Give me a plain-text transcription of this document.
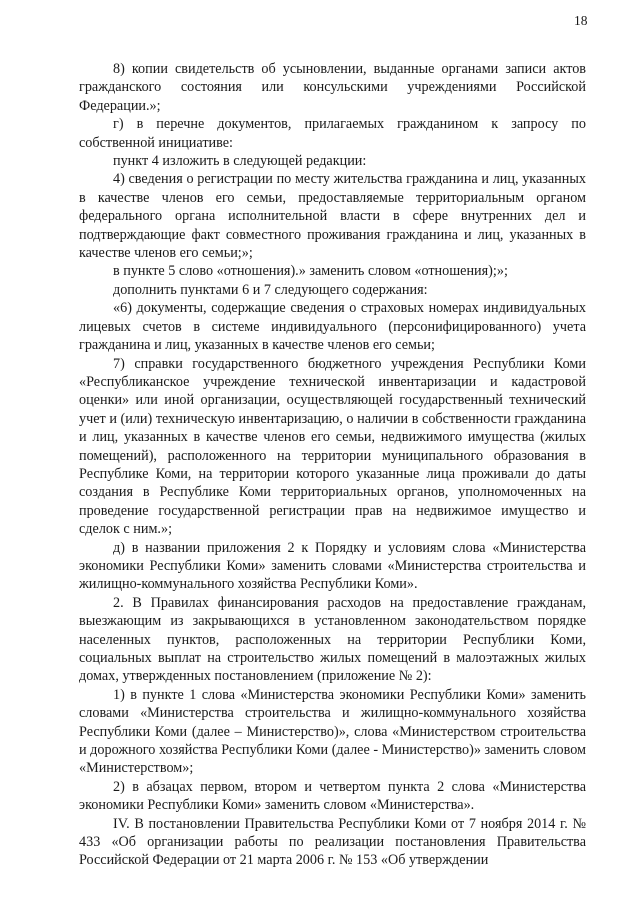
18

8) копии свидетельств об усыновлении, выданные органами записи актов гражданского состояния или консульскими учреждениями Российской Федерации.»;

г) в перечне документов, прилагаемых гражданином к запросу по собственной инициативе:

пункт 4 изложить в следующей редакции:

4) сведения о регистрации по месту жительства гражданина и лиц, указанных в качестве членов его семьи, предоставляемые территориальным органом федерального органа исполнительной власти в сфере внутренних дел и подтверждающие факт совместного проживания гражданина и лиц, указанных в качестве членов его семьи;»;

в пункте 5 слово «отношения).» заменить словом «отношения);»;

дополнить пунктами 6 и 7 следующего содержания:

«6) документы, содержащие сведения о страховых номерах индивидуальных лицевых счетов в системе индивидуального (персонифицированного) учета гражданина и лиц, указанных в качестве членов его семьи;

7) справки государственного бюджетного учреждения Республики Коми «Республиканское учреждение технической инвентаризации и кадастровой оценки» или иной организации, осуществляющей государственный технический учет и (или) техническую инвентаризацию, о наличии в собственности гражданина и лиц, указанных в качестве членов его семьи, недвижимого имущества (жилых помещений), расположенного на территории муниципального образования в Республике Коми, на территории которого указанные лица проживали до даты создания в Республике Коми территориальных органов, уполномоченных на проведение государственной регистрации прав на недвижимое имущество и сделок с ним.»;

д) в названии приложения 2 к Порядку и условиям слова «Министерства экономики Республики Коми» заменить словами «Министерства строительства и жилищно-коммунального хозяйства Республики Коми».

2. В Правилах финансирования расходов на предоставление гражданам, выезжающим из закрывающихся в установленном законодательством порядке населенных пунктов, расположенных на территории Республики Коми, социальных выплат на строительство жилых помещений в малоэтажных жилых домах, утвержденных постановлением (приложение № 2):

1) в пункте 1 слова «Министерства экономики Республики Коми» заменить словами «Министерства строительства и жилищно-коммунального хозяйства Республики Коми (далее – Министерство)», слова «Министерством строительства и дорожного хозяйства Республики Коми (далее - Министерство)» заменить словом «Министерством»;

2) в абзацах первом, втором и четвертом пункта 2 слова «Министерства экономики Республики Коми» заменить словом «Министерства».

IV. В постановлении Правительства Республики Коми от 7 ноября 2014 г. № 433 «Об организации работы по реализации постановления Правительства Российской Федерации от 21 марта 2006 г. № 153 «Об утверждении
